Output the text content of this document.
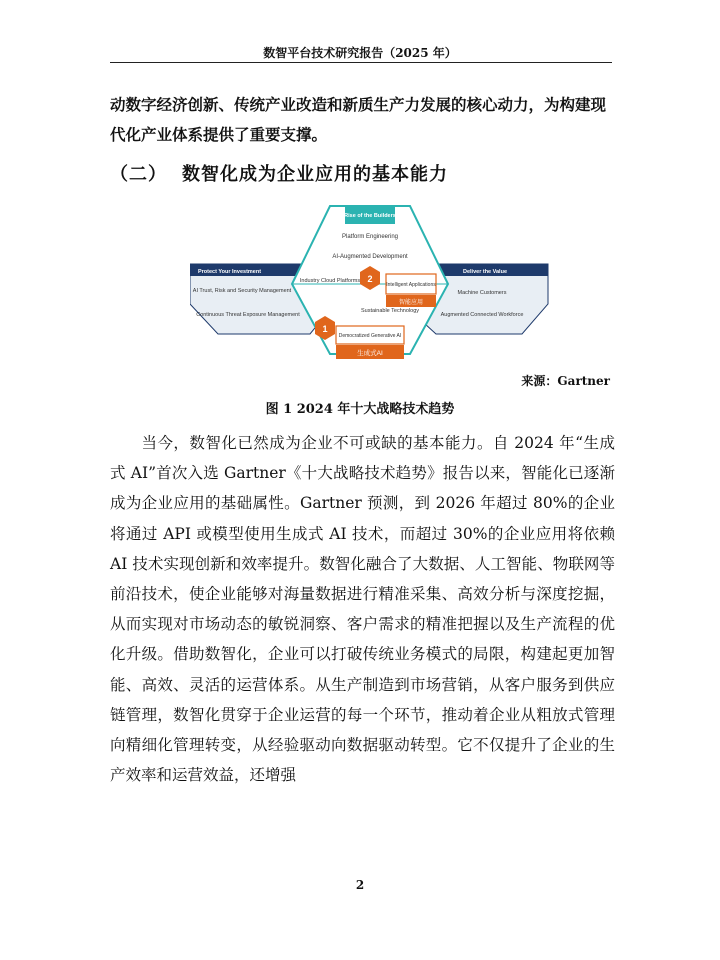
数智平台技术研究报告（2025 年）
动数字经济创新、传统产业改造和新质生产力发展的核心动力，为构建现代化产业体系提供了重要支撑。
（二） 数智化成为企业应用的基本能力
Rise of the Builders
Platform Engineering
AI-Augmented Development
Protect Your Investment
AI Trust, Risk and Security Management
Continuous Threat Exposure Management
Deliver the Value
Machine Customers
Augmented Connected Workforce
Industry Cloud Platforms
Sustainable Technology
Intelligent Applications
智能应用
2
Democratized Generative AI
生成式AI
1
来源：Gartner
图 1 2024 年十大战略技术趋势
当今，数智化已然成为企业不可或缺的基本能力。自 2024 年“生成式 AI”首次入选 Gartner《十大战略技术趋势》报告以来，智能化已逐渐成为企业应用的基础属性。Gartner 预测，到 2026 年超过 80%的企业将通过 API 或模型使用生成式 AI 技术，而超过 30%的企业应用将依赖 AI 技术实现创新和效率提升。数智化融合了大数据、人工智能、物联网等前沿技术，使企业能够对海量数据进行精准采集、高效分析与深度挖掘，从而实现对市场动态的敏锐洞察、客户需求的精准把握以及生产流程的优化升级。借助数智化，企业可以打破传统业务模式的局限，构建起更加智能、高效、灵活的运营体系。从生产制造到市场营销，从客户服务到供应链管理，数智化贯穿于企业运营的每一个环节，推动着企业从粗放式管理向精细化管理转变，从经验驱动向数据驱动转型。它不仅提升了企业的生产效率和运营效益，还增强
2
